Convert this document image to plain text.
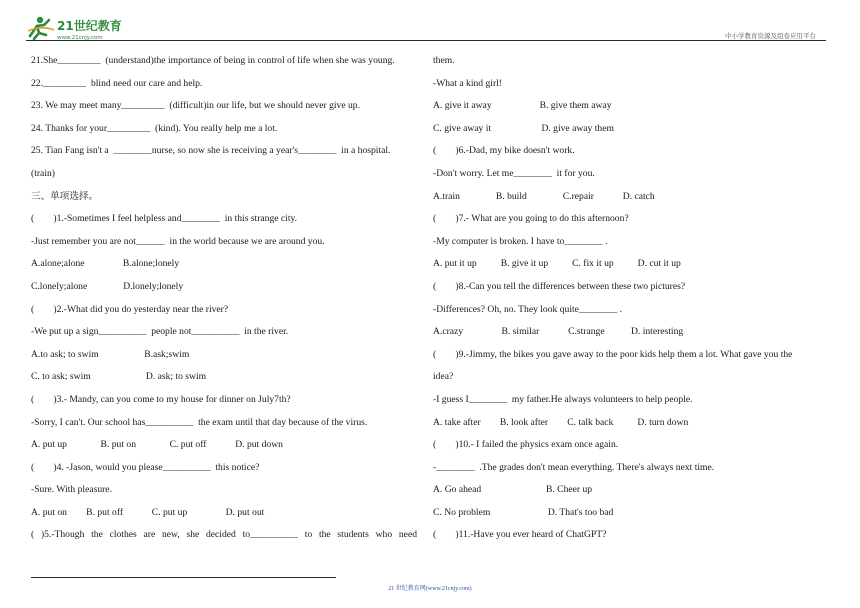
21世纪教育
www.21cnjy.com	中小学教育资源及组卷应用平台
21.She_________  (understand)the importance of being in control of life when she was young.
22._________  blind need our care and help.
23. We may meet many_________  (difficult)in our life, but we should never give up.
24. Thanks for your_________  (kind). You really help me a lot.
25. Tian Fang isn't a  ________nurse, so now she is receiving a year's________  in a hospital.
(train)
三、单项选择。
(        )1.-Sometimes I feel helpless and________  in this strange city.
-Just remember you are not______  in the world because we are around you.
A.alone;alone                B.alone;lonely
C.lonely;alone               D.lonely;lonely
(        )2.-What did you do yesterday near the river?
-We put up a sign__________  people not__________  in the river.
A.to ask; to swim                   B.ask;swim
C. to ask; swim                       D. ask; to swim
(        )3.- Mandy, can you come to my house for dinner on July7th?
-Sorry, I can't. Our school has__________  the exam until that day because of the virus.
A. put up              B. put on              C. put off            D. put down
(        )4. -Jason, would you please__________  this notice?
-Sure. With pleasure.
A. put on        B. put off            C. put up                D. put out
( )5.-Though the clothes are new, she decided to__________ to the students who need
them.
-What a kind girl!
A. give it away                    B. give them away
C. give away it                     D. give away them
(        )6.-Dad, my bike doesn't work.
-Don't worry. Let me________  it for you.
A.train               B. build               C.repair            D. catch
(        )7.- What are you going to do this afternoon?
-My computer is broken. I have to________ .
A. put it up          B. give it up          C. fix it up          D. cut it up
(        )8.-Can you tell the differences between these two pictures?
-Differences? Oh, no. They look quite________ .
A.crazy                B. similar            C.strange           D. interesting
(        )9.-Jimmy, the bikes you gave away to the poor kids help them a lot. What gave you the
idea?
-I guess I________  my father.He always volunteers to help people.
A. take after        B. look after        C. talk back          D. turn down
(        )10.- I failed the physics exam once again.
-________  .The grades don't mean everything. There's always next time.
A. Go ahead                           B. Cheer up
C. No problem                        D. That's too bad
(        )11.-Have you ever heard of ChatGPT?
21 世纪教育网(www.21cnjy.com)
